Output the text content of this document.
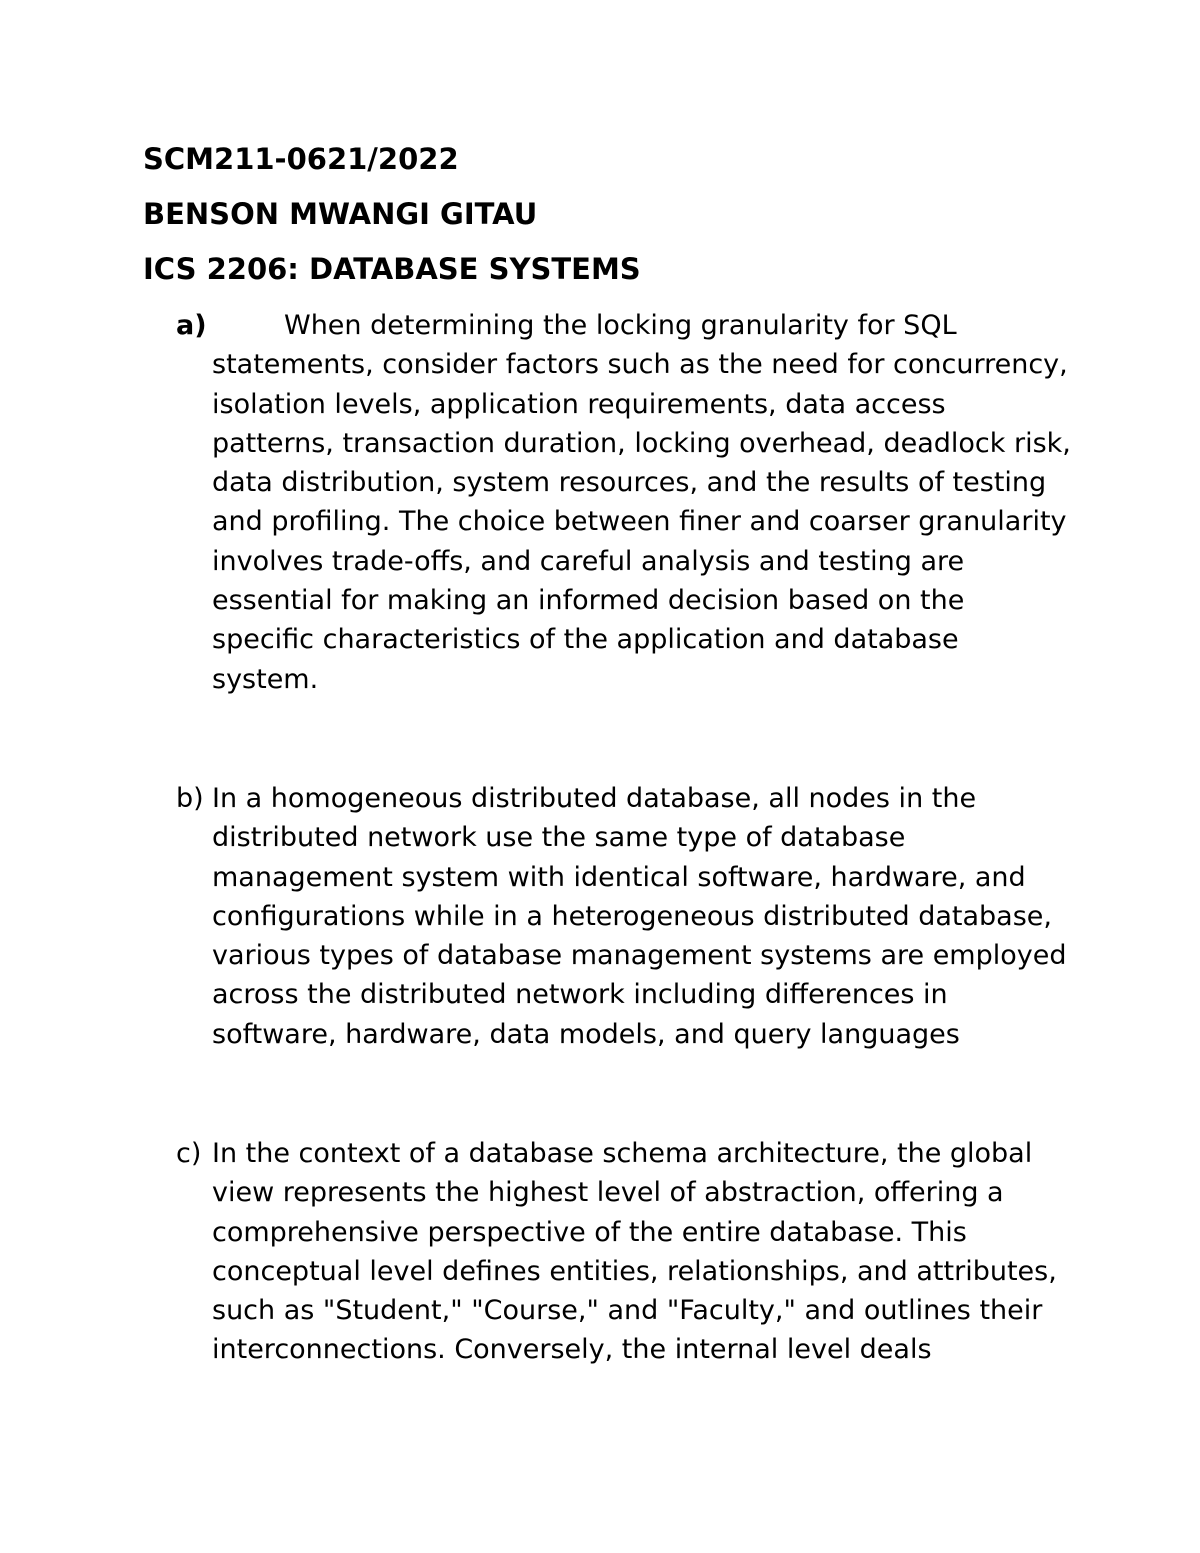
SCM211-0621/2022
BENSON MWANGI GITAU
ICS 2206: DATABASE SYSTEMS
a)	When determining the locking granularity for SQL statements, consider factors such as the need for concurrency, isolation levels, application requirements, data access patterns, transaction duration, locking overhead, deadlock risk, data distribution, system resources, and the results of testing and profiling. The choice between finer and coarser granularity involves trade-offs, and careful analysis and testing are essential for making an informed decision based on the specific characteristics of the application and database system.
b) In a homogeneous distributed database, all nodes in the distributed network use the same type of database management system with identical software, hardware, and configurations while in a heterogeneous distributed database, various types of database management systems are employed across the distributed network including differences in software, hardware, data models, and query languages
c) In the context of a database schema architecture, the global view represents the highest level of abstraction, offering a comprehensive perspective of the entire database. This conceptual level defines entities, relationships, and attributes, such as "Student," "Course," and "Faculty," and outlines their interconnections. Conversely, the internal level deals
